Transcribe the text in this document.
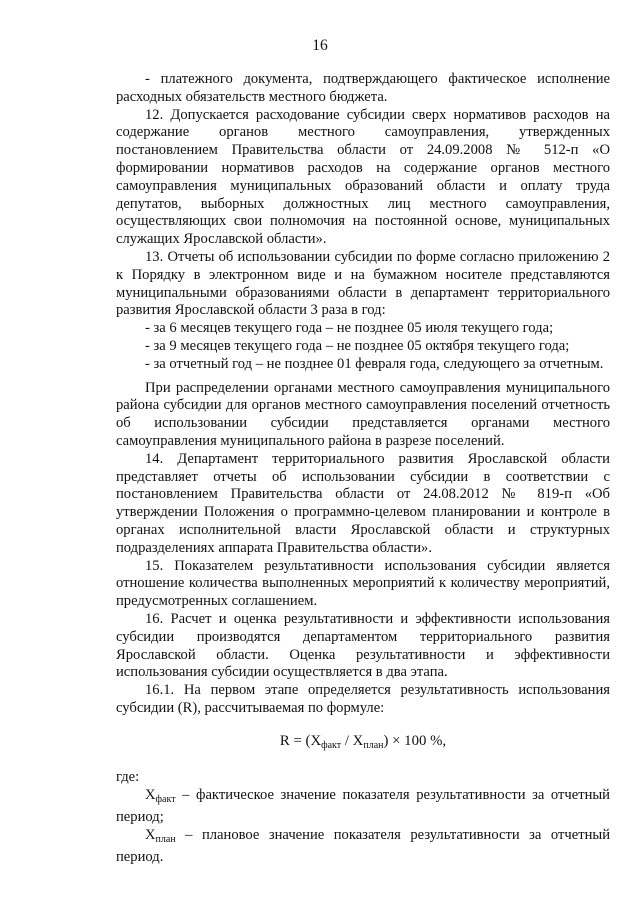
16

- платежного документа, подтверждающего фактическое исполнение расходных обязательств местного бюджета.

12. Допускается расходование субсидии сверх нормативов расходов на содержание органов местного самоуправления, утвержденных постановлением Правительства области от 24.09.2008 № 512-п «О формировании нормативов расходов на содержание органов местного самоуправления муниципальных образований области и оплату труда депутатов, выборных должностных лиц местного самоуправления, осуществляющих свои полномочия на постоянной основе, муниципальных служащих Ярославской области».

13. Отчеты об использовании субсидии по форме согласно приложению 2 к Порядку в электронном виде и на бумажном носителе представляются муниципальными образованиями области в департамент территориального развития Ярославской области 3 раза в год:

- за 6 месяцев текущего года – не позднее 05 июля текущего года;

- за 9 месяцев текущего года – не позднее 05 октября текущего года;

- за отчетный год – не позднее 01 февраля года, следующего за отчетным.

При распределении органами местного самоуправления муниципального района субсидии для органов местного самоуправления поселений отчетность об использовании субсидии представляется органами местного самоуправления муниципального района в разрезе поселений.

14. Департамент территориального развития Ярославской области представляет отчеты об использовании субсидии в соответствии с постановлением Правительства области от 24.08.2012 № 819-п «Об утверждении Положения о программно-целевом планировании и контроле в органах исполнительной власти Ярославской области и структурных подразделениях аппарата Правительства области».

15. Показателем результативности использования субсидии является отношение количества выполненных мероприятий к количеству мероприятий, предусмотренных соглашением.

16. Расчет и оценка результативности и эффективности использования субсидии производятся департаментом территориального развития Ярославской области. Оценка результативности и эффективности использования субсидии осуществляется в два этапа.

16.1. На первом этапе определяется результативность использования субсидии (R), рассчитываемая по формуле:

$R = (X_{факт} / X_{план}) \times 100$ %,

где:

$X_{факт}$ – фактическое значение показателя результативности за отчетный период;

$X_{план}$ – плановое значение показателя результативности за отчетный период.
